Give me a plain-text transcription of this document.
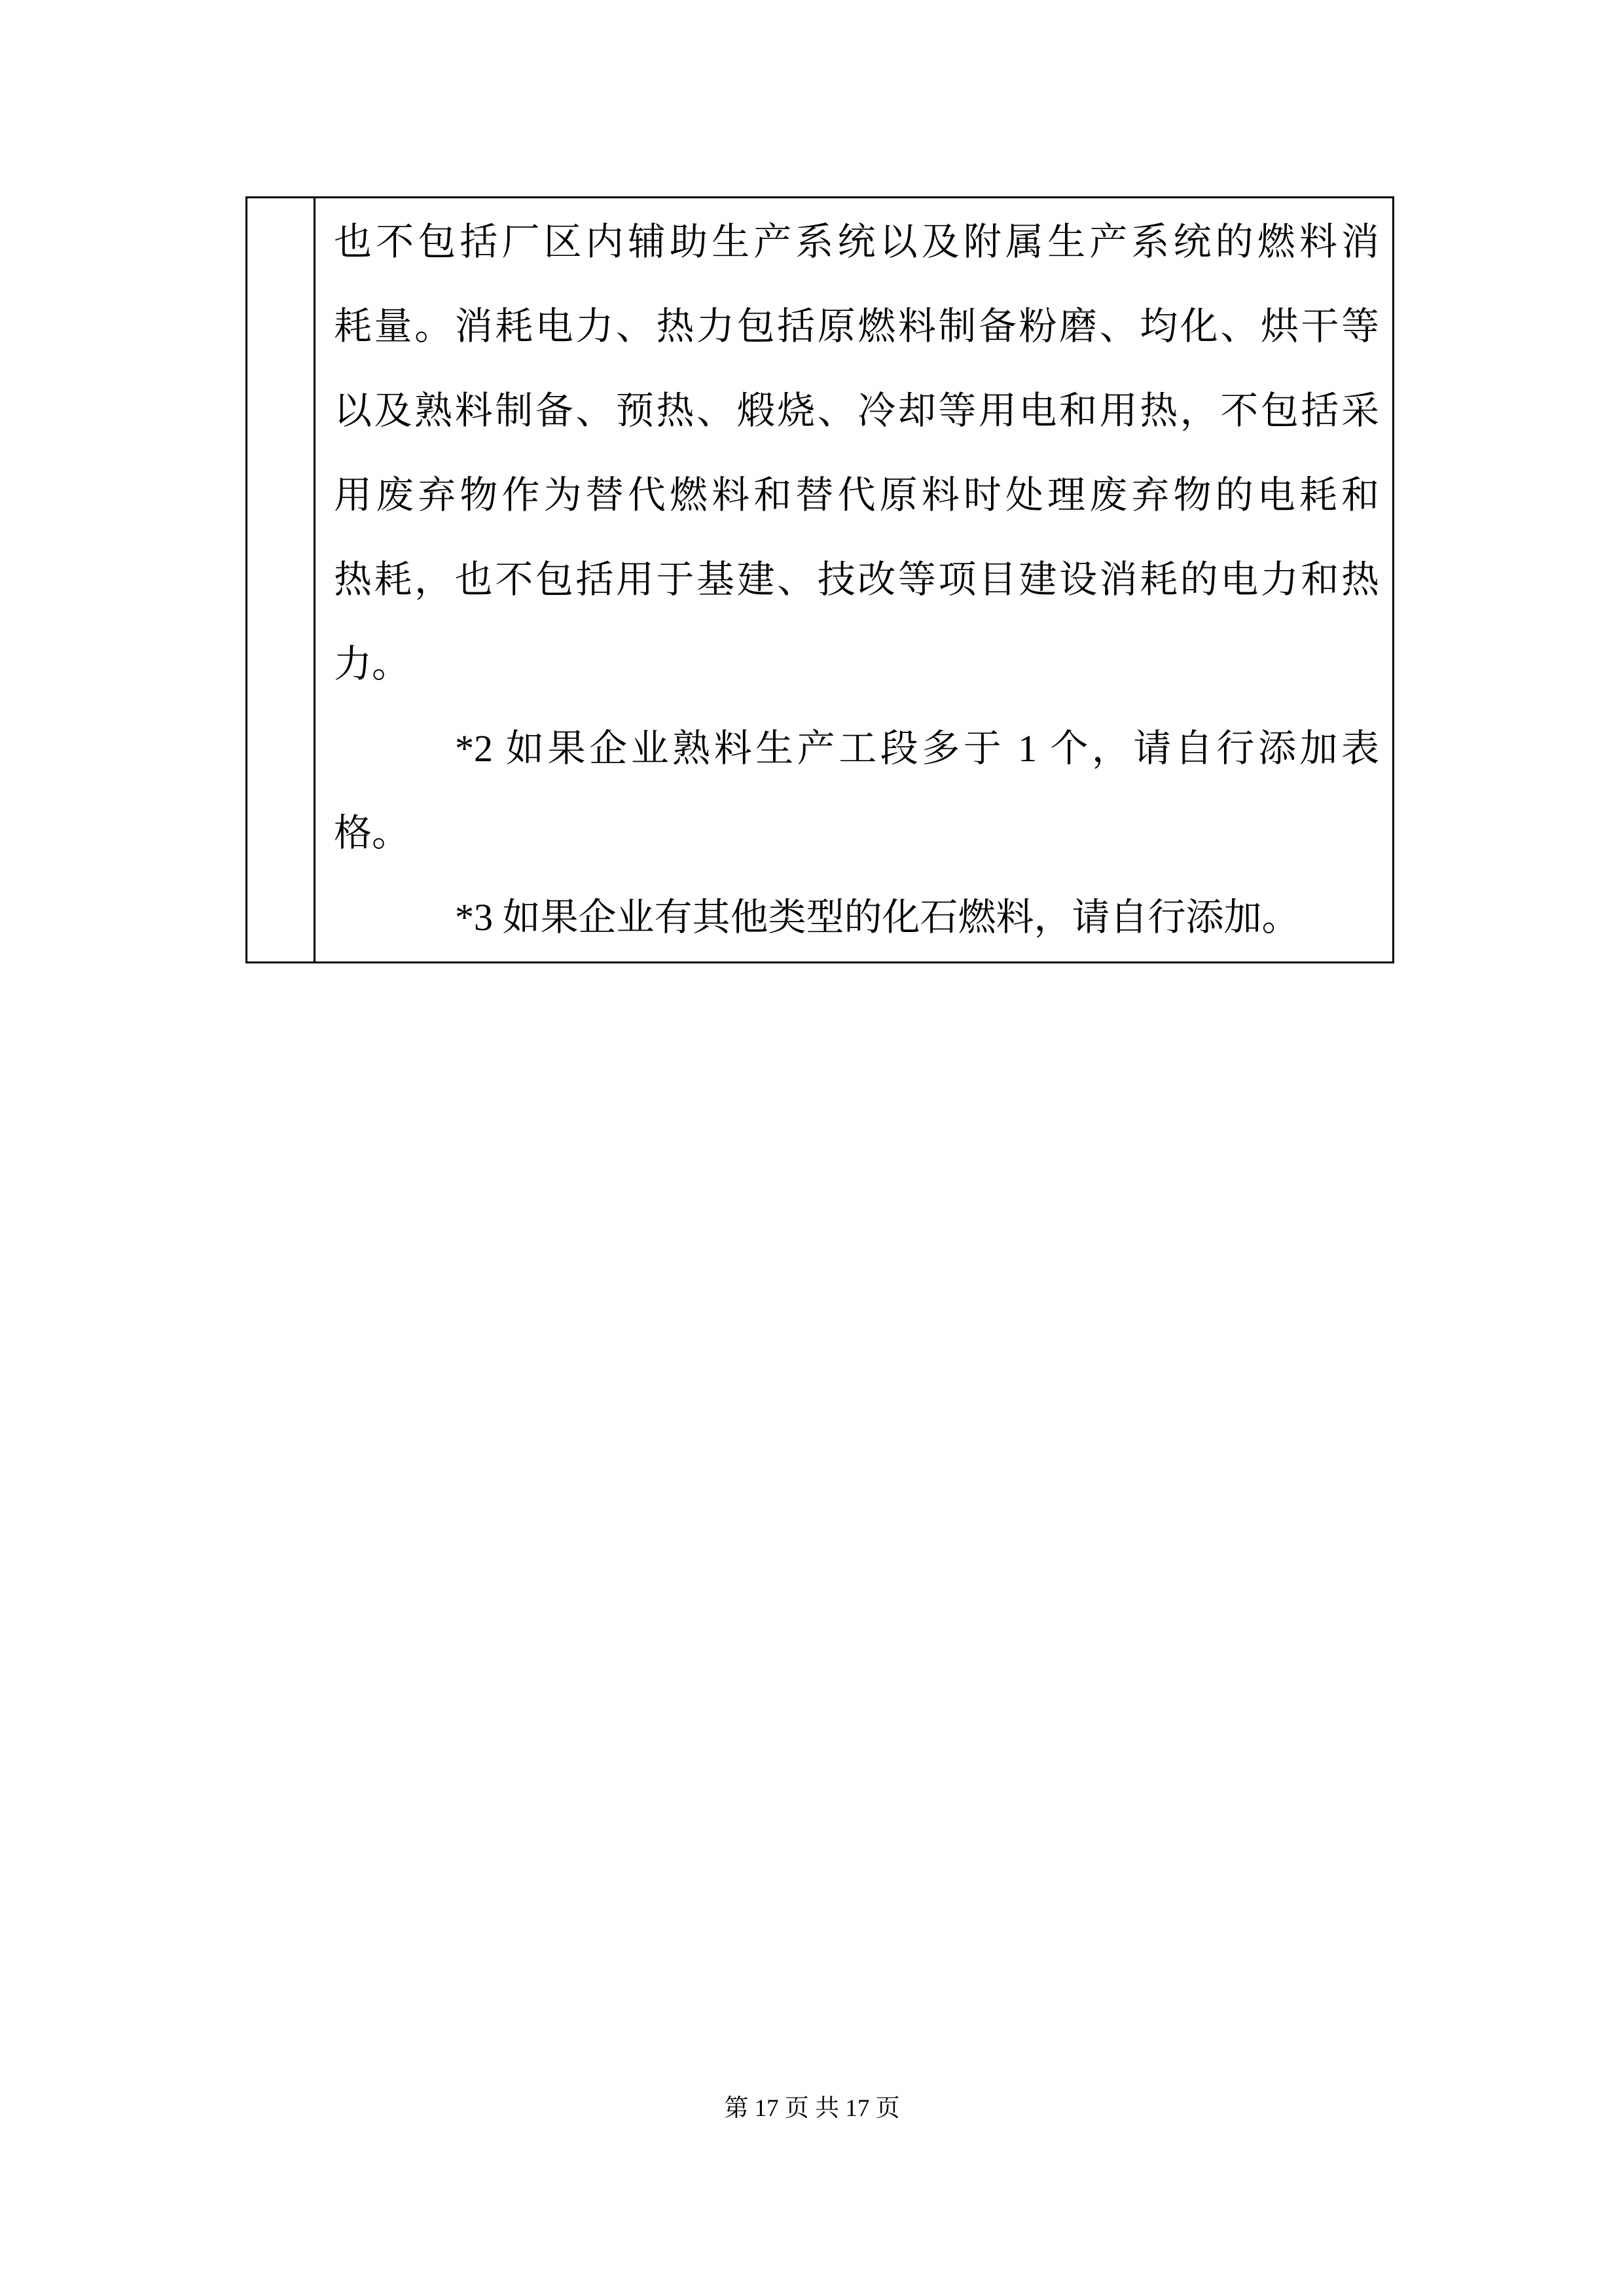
也不包括厂区内辅助生产系统以及附属生产系统的燃料消
耗量。消耗电力、热力包括原燃料制备粉磨、均化、烘干等
以及熟料制备、预热、煅烧、冷却等用电和用热，不包括采
用废弃物作为替代燃料和替代原料时处理废弃物的电耗和
热耗，也不包括用于基建、技改等项目建设消耗的电力和热
力。
*2 如果企业熟料生产工段多于 1 个，请自行添加表
格。
*3 如果企业有其他类型的化石燃料，请自行添加。
第 17 页 共 17 页
